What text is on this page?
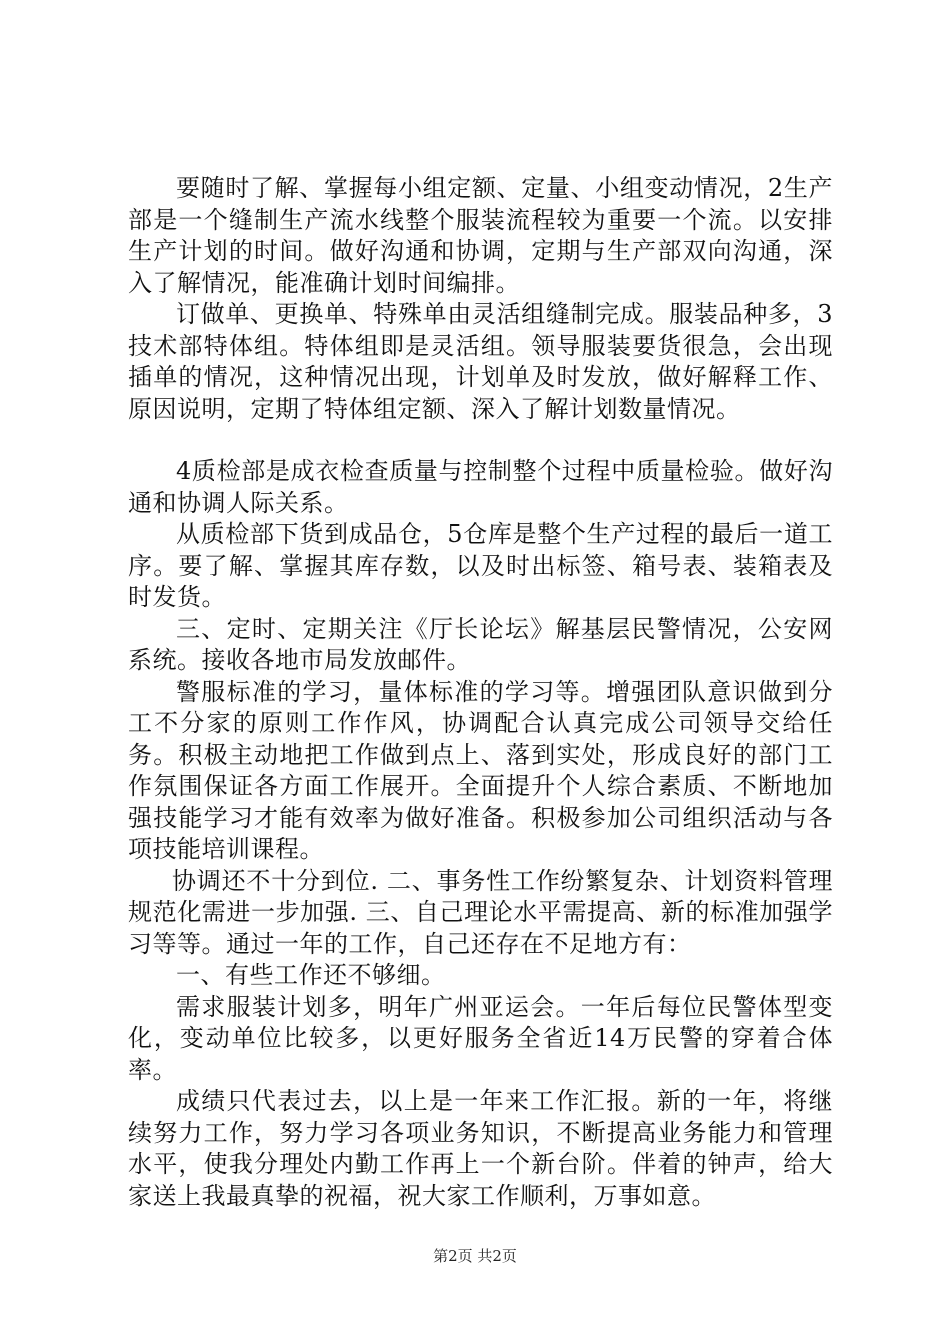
要随时了解、掌握每小组定额、定量、小组变动情况，2生产部是一个缝制生产流水线整个服装流程较为重要一个流。以安排生产计划的时间。做好沟通和协调，定期与生产部双向沟通，深入了解情况，能准确计划时间编排。

订做单、更换单、特殊单由灵活组缝制完成。服装品种多，3技术部特体组。特体组即是灵活组。领导服装要货很急，会出现插单的情况，这种情况出现，计划单及时发放，做好解释工作、原因说明，定期了特体组定额、深入了解计划数量情况。

4质检部是成衣检查质量与控制整个过程中质量检验。做好沟通和协调人际关系。

从质检部下货到成品仓，5仓库是整个生产过程的最后一道工序。要了解、掌握其库存数，以及时出标签、箱号表、装箱表及时发货。

三、定时、定期关注《厅长论坛》解基层民警情况，公安网系统。接收各地市局发放邮件。

警服标准的学习，量体标准的学习等。增强团队意识做到分工不分家的原则工作作风，协调配合认真完成公司领导交给任务。积极主动地把工作做到点上、落到实处，形成良好的部门工作氛围保证各方面工作展开。全面提升个人综合素质、不断地加强技能学习才能有效率为做好准备。积极参加公司组织活动与各项技能培训课程。

协调还不十分到位. 二、事务性工作纷繁复杂、计划资料管理规范化需进一步加强. 三、自己理论水平需提高、新的标准加强学习等等。通过一年的工作，自己还存在不足地方有：

一、有些工作还不够细。

需求服装计划多，明年广州亚运会。一年后每位民警体型变化，变动单位比较多，以更好服务全省近14万民警的穿着合体率。

成绩只代表过去，以上是一年来工作汇报。新的一年，将继续努力工作，努力学习各项业务知识，不断提高业务能力和管理水平，使我分理处内勤工作再上一个新台阶。伴着的钟声，给大家送上我最真挚的祝福，祝大家工作顺利，万事如意。

第2页 共2页
